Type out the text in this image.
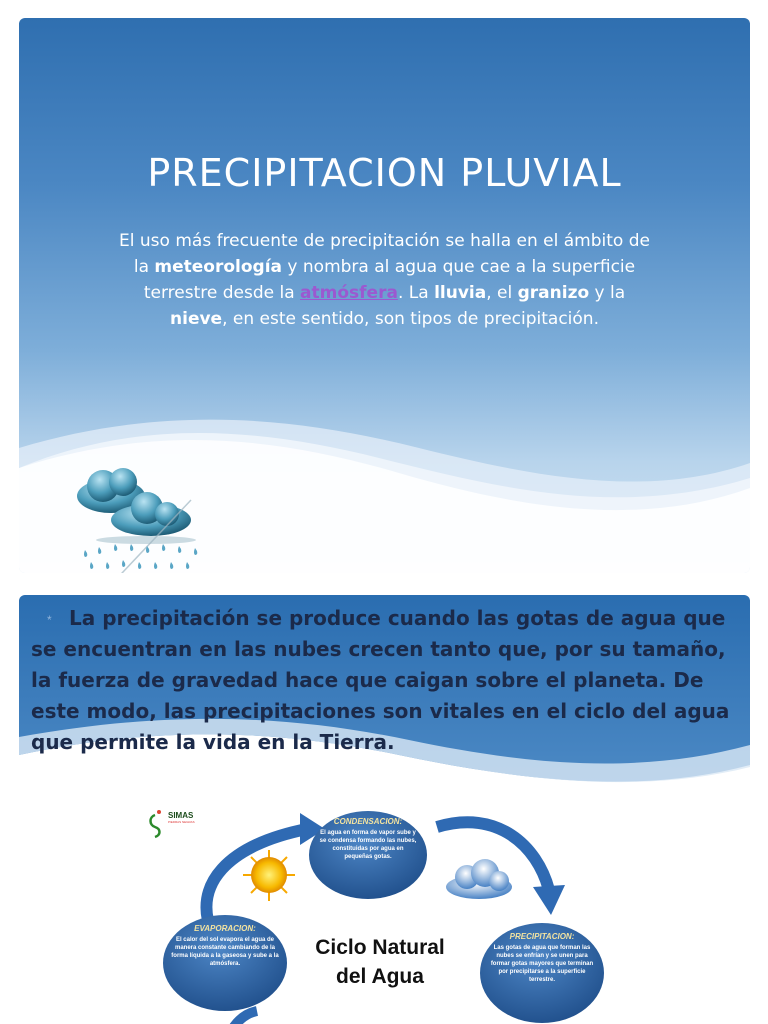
PRECIPITACION PLUVIAL
El uso más frecuente de precipitación se halla en el ámbito de la meteorología y nombra al agua que cae a la superficie terrestre desde la atmósfera. La lluvia, el granizo y la nieve, en este sentido, son tipos de precipitación.
* La precipitación se produce cuando las gotas de agua que se encuentran en las nubes crecen tanto que, por su tamaño, la fuerza de gravedad hace que caigan sobre el planeta. De este modo, las precipitaciones son vitales en el ciclo del agua que permite la vida en la Tierra.
SIMAS
PIEDRAS NEGRAS	CONDENSACION:
El agua en forma de vapor sube y se condensa formando las nubes, constituidas por agua en pequeñas gotas.
EVAPORACION:
El calor del sol evapora el agua de manera constante cambiando de la forma líquida a la gaseosa y sube a la atmósfera.
PRECIPITACION:
Las gotas de agua que forman las nubes se enfrían y se unen para formar gotas mayores que terminan por precipitarse a la superficie terrestre.
Ciclo Natural
del Agua
